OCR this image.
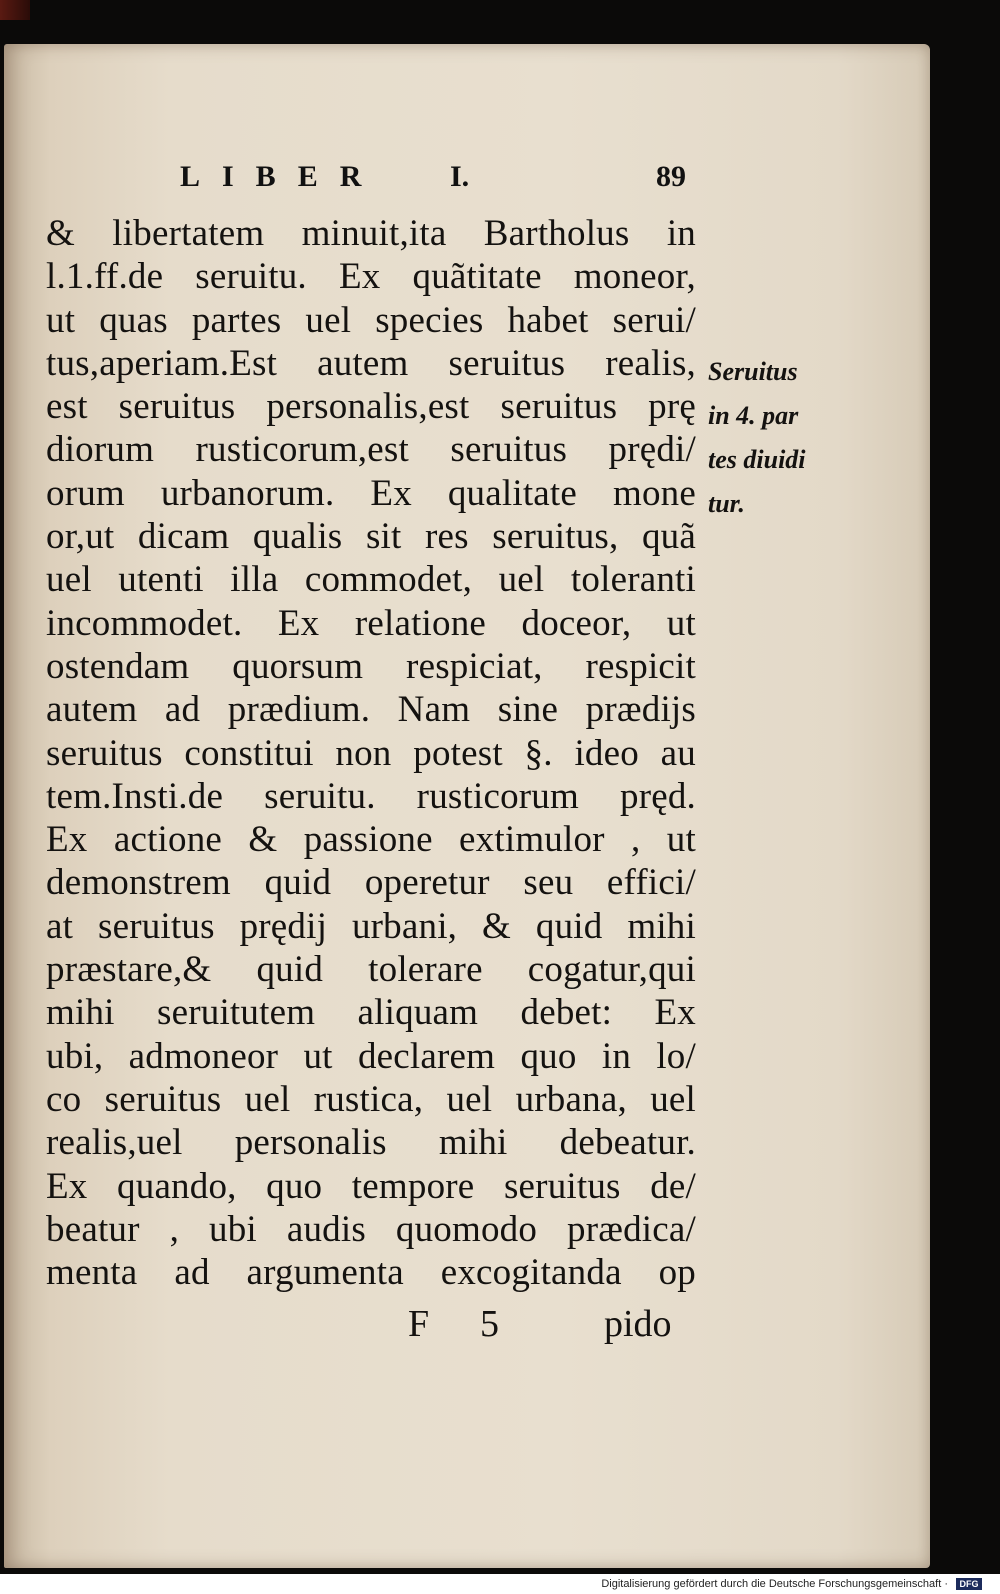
LIBER I.	89
& libertatem minuit,ita Bartholus in
l.1.ff.de seruitu. Ex quãtitate moneor,
ut quas partes uel species habet serui/
tus,aperiam.Est autem seruitus realis,
est seruitus personalis,est seruitus prę
diorum rusticorum,est seruitus prędi/
orum urbanorum. Ex qualitate mone
or,ut dicam qualis sit res seruitus, quã
uel utenti illa commodet, uel toleranti
incommodet. Ex relatione doceor, ut
ostendam quorsum respiciat, respicit
autem ad prædium. Nam sine prædijs
seruitus constitui non potest §. ideo au
tem.Insti.de seruitu. rusticorum pręd.
Ex actione & passione extimulor , ut
demonstrem quid operetur seu effici/
at seruitus prędij urbani, & quid mihi
præstare,& quid tolerare cogatur,qui
mihi seruitutem aliquam debet: Ex
ubi, admoneor ut declarem quo in lo/
co seruitus uel rustica, uel urbana, uel
realis,uel personalis mihi debeatur.
Ex quando, quo tempore seruitus de/
beatur , ubi audis quomodo prædica/
menta ad argumenta excogitanda op
Seruitus
in 4. par
tes diuidi
tur.
F 5	pido
Digitalisierung gefördert durch die Deutsche Forschungsgemeinschaft ·	DFG
